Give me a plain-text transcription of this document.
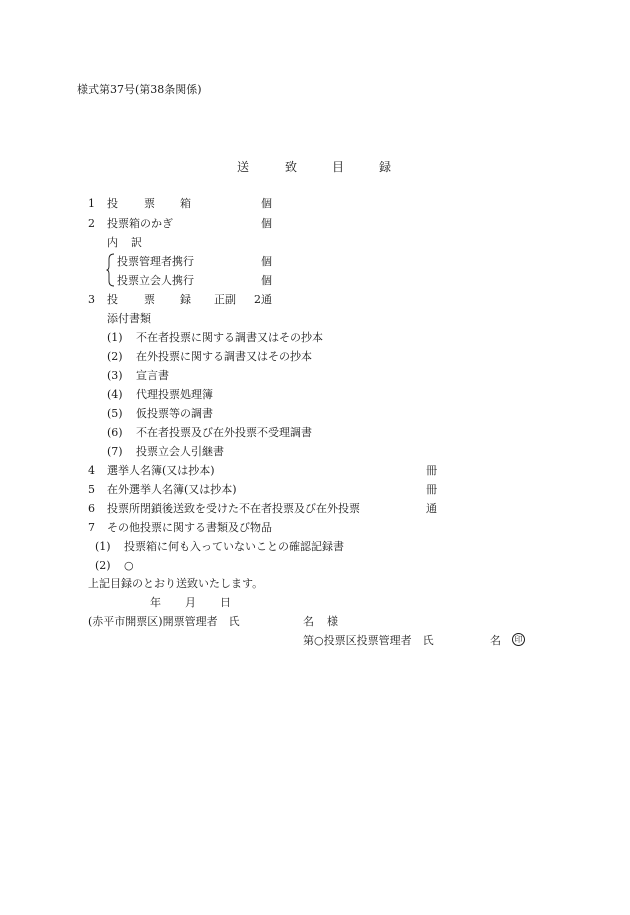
様式第37号(第38条関係)
送	致	目	録
1 投 票 箱	個
2 投票箱のかぎ	個
内 訳
投票管理者携行	個
投票立会人携行	個
3 投 票 録 正副 2通
添付書類
(1) 不在者投票に関する調書又はその抄本
(2) 在外投票に関する調書又はその抄本
(3) 宣言書
(4) 代理投票処理簿
(5) 仮投票等の調書
(6) 不在者投票及び在外投票不受理調書
(7) 投票立会人引継書
4 選挙人名簿(又は抄本)	冊
5 在外選挙人名簿(又は抄本)	冊
6 投票所閉鎖後送致を受けた不在者投票及び在外投票	通
7 その他投票に関する書類及び物品
(1) 投票箱に何も入っていないことの確認記録書
(2) ○
上記目録のとおり送致いたします。
年 月 日
(赤平市開票区)開票管理者　氏	名 様
第○投票区投票管理者　氏	名	印
